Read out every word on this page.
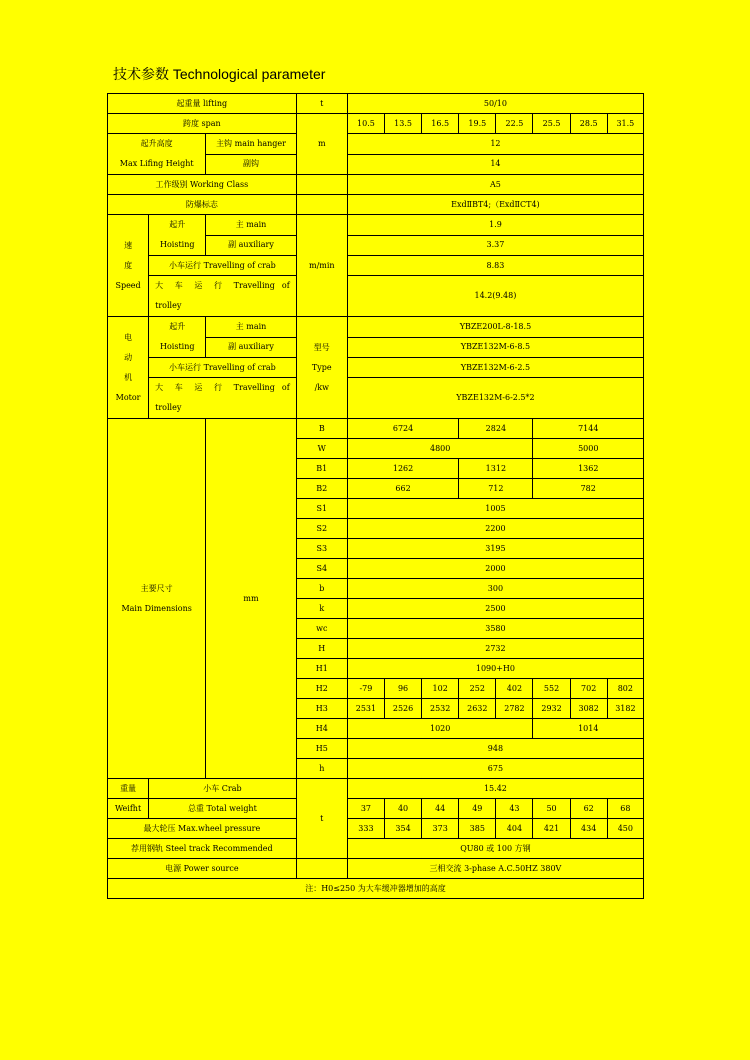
技术参数 Technological parameter
起重量 lifting			t	50/10							
跨度 span			m	10.5	13.5	16.5	19.5	22.5	25.5	28.5	31.5

起升高度
Max Lifing Height		主钩 main hanger		12							
		副钩		14							
工作级别 Working Class				A5							
防爆标志				ExdⅡBT4;（ExdⅡCT4)							

速
度
Speed	起升
Hoisting	主 main	m/min	1.9							
		副 auxiliary		3.37							
	小车运行 Travelling of crab			8.83							

	大 车 运 行 Travelling of
trolley			14.2(9.48)							

电
动
机
Motor	起升
Hoisting	主 main	型号
Type
/kw	YBZE200L-8-18.5							
		副 auxiliary		YBZE132M-6-8.5							
	小车运行 Travelling of crab			YBZE132M-6-2.5							

	大 车 运 行 Travelling of
trolley			YBZE132M-6-2.5*2							

主要尺寸
Main Dimensions		mm	B	6724			2824		7144		
			W	4800					5000		
			B1	1262			1312		1362		
			B2	662			712		782		
			S1	1005							
			S2	2200							
			S3	3195							
			S4	2000							
			b	300							
			k	2500							
			wc	3580							
			H	2732							
			H1	1090+H0							
			H2	-79	96	102	252	402	552	702	802
			H3	2531	2526	2532	2632	2782	2932	3082	3182
			H4	1020					1014		
			H5	948							
			h	675							
重量	小车 Crab		t	15.42							
Weifht	总重 Total weight			37	40	44	49	43	50	62	68
最大轮压 Max.wheel pressure				333	354	373	385	404	421	434	450
荐用钢轨 Steel track Recommended				QU80 或 100 方钢							
电源 Power source				三相交流 3-phase A.C.50HZ 380V							
注：H0≤250 为大车缓冲器增加的高度											
